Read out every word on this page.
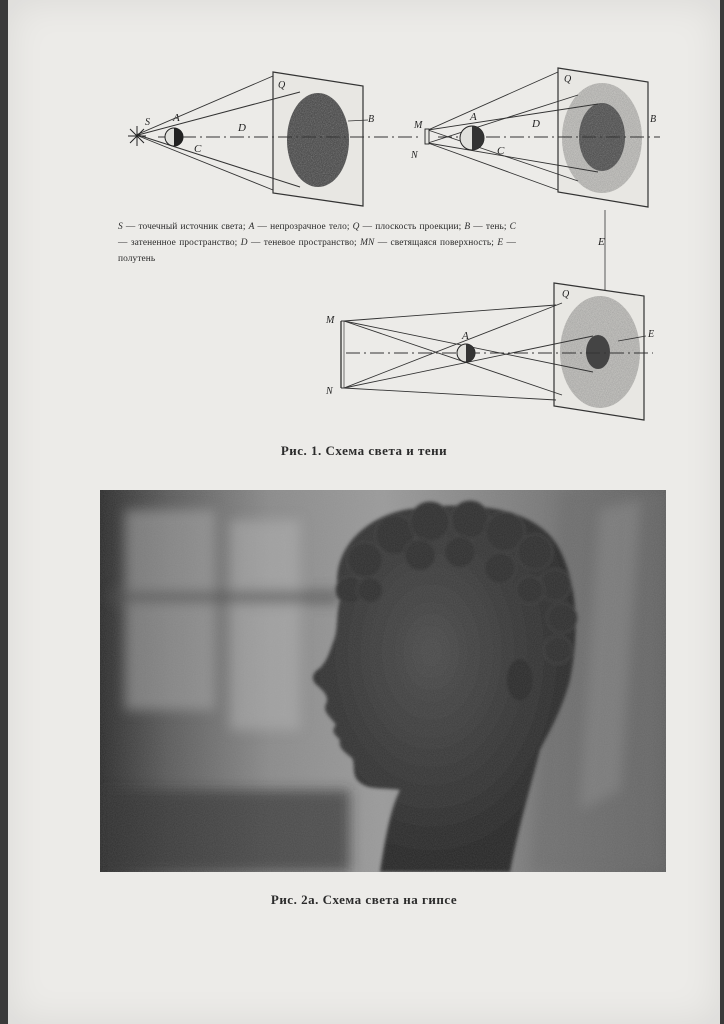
S A
C
D
Q
B
M
N
A
C
D
Q
B
E
M
N
A
Q
E
S — точечный источник света; A — непрозрачное тело; Q — плоскость проекции; B — тень; C — затененное пространство; D — теневое пространство; MN — светящаяся поверхность; E — полутень
Рис. 1. Схема света и тени
Рис. 2а. Схема света на гипсе
